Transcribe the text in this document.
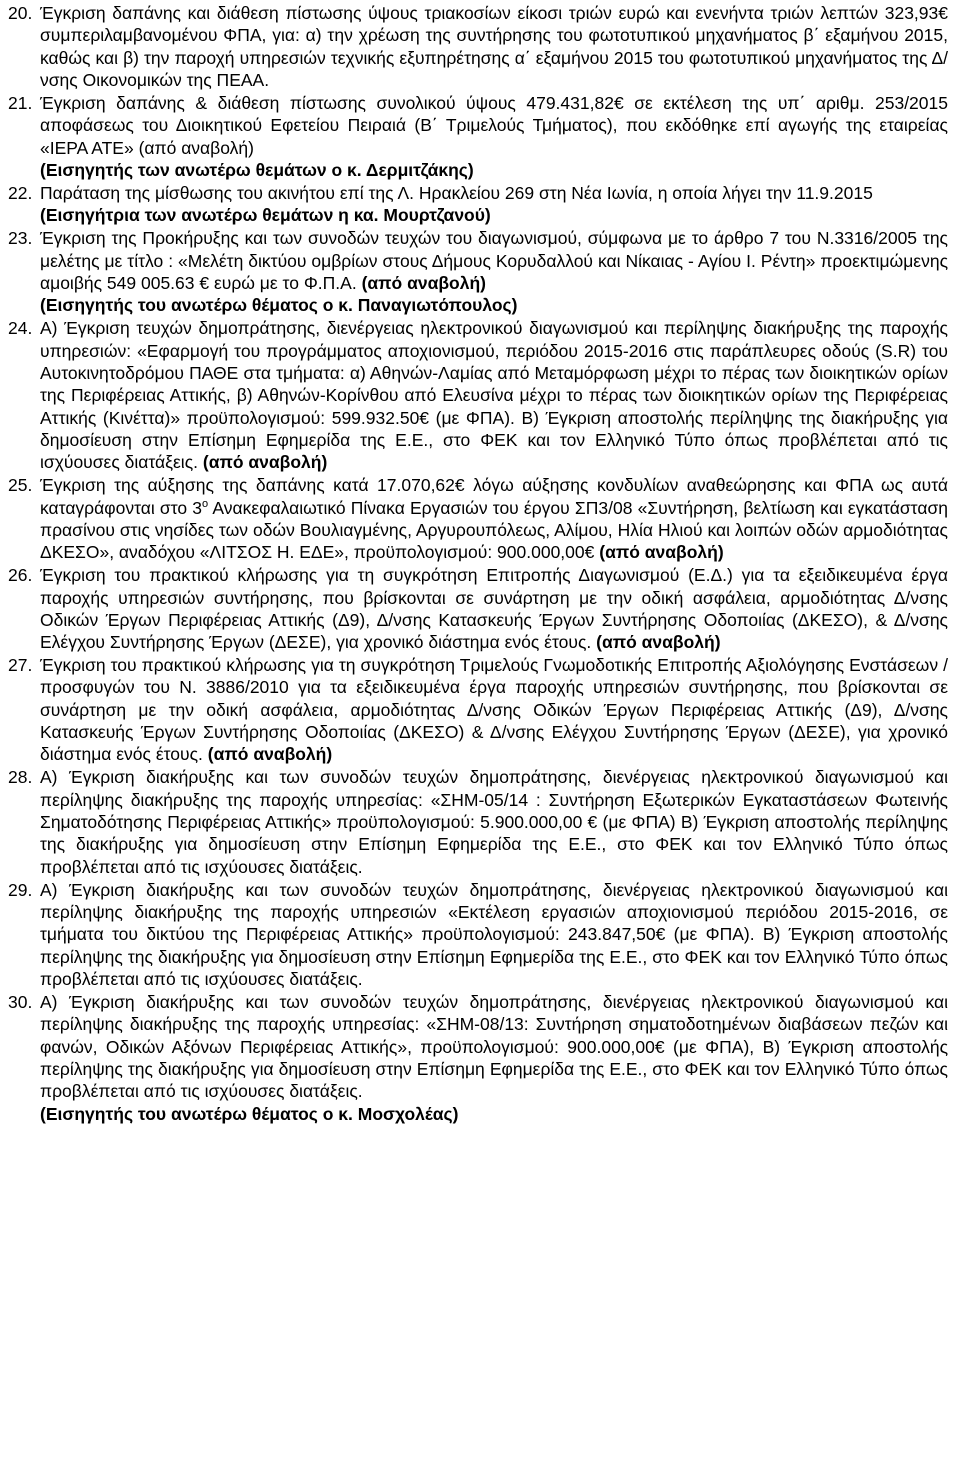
20. Έγκριση δαπάνης και διάθεση πίστωσης ύψους τριακοσίων είκοσι τριών ευρώ και ενενήντα τριών λεπτών 323,93€ συμπεριλαμβανομένου ΦΠΑ, για: α) την χρέωση της συντήρησης του φωτοτυπικού μηχανήματος β΄ εξαμήνου 2015, καθώς και β) την παροχή υπηρεσιών τεχνικής εξυπηρέτησης α΄ εξαμήνου 2015 του φωτοτυπικού μηχανήματος της Δ/νσης Οικονομικών της ΠΕΑΑ.

21. Έγκριση δαπάνης & διάθεση πίστωσης συνολικού ύψους 479.431,82€ σε εκτέλεση της υπ΄ αριθμ. 253/2015 αποφάσεως του Διοικητικού Εφετείου Πειραιά (Β΄ Τριμελούς Τμήματος), που εκδόθηκε επί αγωγής της εταιρείας «ΙΕΡΑ ΑΤΕ» (από αναβολή)

(Εισηγητής των ανωτέρω θεμάτων ο κ. Δερμιτζάκης)

22. Παράταση της μίσθωσης του ακινήτου επί της Λ. Ηρακλείου 269 στη Νέα Ιωνία, η οποία λήγει την 11.9.2015

(Εισηγήτρια των ανωτέρω θεμάτων η κα. Μουρτζανού)

23. Έγκριση της Προκήρυξης και των συνοδών τευχών του διαγωνισμού, σύμφωνα με το άρθρο 7 του Ν.3316/2005 της μελέτης με τίτλο : «Μελέτη δικτύου ομβρίων στους Δήμους Κορυδαλλού και Νίκαιας - Αγίου Ι. Ρέντη» προεκτιμώμενης αμοιβής 549 005.63 € ευρώ με το Φ.Π.Α. (από αναβολή)

(Εισηγητής του ανωτέρω θέματος ο κ. Παναγιωτόπουλος)

24. Α) Έγκριση τευχών δημοπράτησης, διενέργειας ηλεκτρονικού διαγωνισμού και περίληψης διακήρυξης της παροχής υπηρεσιών: «Εφαρμογή του προγράμματος αποχιονισμού, περιόδου 2015-2016 στις παράπλευρες οδούς (S.R) του Αυτοκινητοδρόμου ΠΑΘΕ στα τμήματα: α) Αθηνών-Λαμίας από Μεταμόρφωση μέχρι το πέρας των διοικητικών ορίων της Περιφέρειας Αττικής, β) Αθηνών-Κορίνθου από Ελευσίνα μέχρι το πέρας των διοικητικών ορίων της Περιφέρειας Αττικής (Κινέττα)» προϋπολογισμού: 599.932.50€ (με ΦΠΑ). Β) Έγκριση αποστολής περίληψης της διακήρυξης για δημοσίευση στην Επίσημη Εφημερίδα της Ε.Ε., στο ΦΕΚ και τον Ελληνικό Τύπο όπως προβλέπεται από τις ισχύουσες διατάξεις. (από αναβολή)

25. Έγκριση της αύξησης της δαπάνης κατά 17.070,62€ λόγω αύξησης κονδυλίων αναθεώρησης και ΦΠΑ ως αυτά καταγράφονται στο $3^o$ Ανακεφαλαιωτικό Πίνακα Εργασιών του έργου ΣΠ3/08 «Συντήρηση, βελτίωση και εγκατάσταση πρασίνου στις νησίδες των οδών Βουλιαγμένης, Αργυρουπόλεως, Αλίμου, Ηλία Ηλιού και λοιπών οδών αρμοδιότητας ΔΚΕΣΟ», αναδόχου «ΛΙΤΣΟΣ Η. ΕΔΕ», προϋπολογισμού: 900.000,00€ (από αναβολή)

26. Έγκριση του πρακτικού κλήρωσης για τη συγκρότηση Επιτροπής Διαγωνισμού (Ε.Δ.) για τα εξειδικευμένα έργα παροχής υπηρεσιών συντήρησης, που βρίσκονται σε συνάρτηση με την οδική ασφάλεια, αρμοδιότητας Δ/νσης Οδικών Έργων Περιφέρειας Αττικής (Δ9), Δ/νσης Κατασκευής Έργων Συντήρησης Οδοποιίας (ΔΚΕΣΟ), & Δ/νσης Ελέγχου Συντήρησης Έργων (ΔΕΣΕ), για χρονικό διάστημα ενός έτους. (από αναβολή)

27. Έγκριση του πρακτικού κλήρωσης για τη συγκρότηση Τριμελούς Γνωμοδοτικής Επιτροπής Αξιολόγησης Ενστάσεων /προσφυγών του Ν. 3886/2010 για τα εξειδικευμένα έργα παροχής υπηρεσιών συντήρησης, που βρίσκονται σε συνάρτηση με την οδική ασφάλεια, αρμοδιότητας Δ/νσης Οδικών Έργων Περιφέρειας Αττικής (Δ9), Δ/νσης Κατασκευής Έργων Συντήρησης Οδοποιίας (ΔΚΕΣΟ) & Δ/νσης Ελέγχου Συντήρησης Έργων (ΔΕΣΕ), για χρονικό διάστημα ενός έτους. (από αναβολή)

28. Α) Έγκριση διακήρυξης και των συνοδών τευχών δημοπράτησης, διενέργειας ηλεκτρονικού διαγωνισμού και περίληψης διακήρυξης της παροχής υπηρεσίας: «ΣΗΜ-05/14 : Συντήρηση Εξωτερικών Εγκαταστάσεων Φωτεινής Σηματοδότησης Περιφέρειας Αττικής» προϋπολογισμού: 5.900.000,00 € (με ΦΠΑ) Β) Έγκριση αποστολής περίληψης της διακήρυξης για δημοσίευση στην Επίσημη Εφημερίδα της Ε.Ε., στο ΦΕΚ και τον Ελληνικό Τύπο όπως προβλέπεται από τις ισχύουσες διατάξεις.

29. Α) Έγκριση διακήρυξης και των συνοδών τευχών δημοπράτησης, διενέργειας ηλεκτρονικού διαγωνισμού και περίληψης διακήρυξης της παροχής υπηρεσιών «Εκτέλεση εργασιών αποχιονισμού περιόδου 2015-2016, σε τμήματα του δικτύου της Περιφέρειας Αττικής» προϋπολογισμού: 243.847,50€ (με ΦΠΑ). Β) Έγκριση αποστολής περίληψης της διακήρυξης για δημοσίευση στην Επίσημη Εφημερίδα της Ε.Ε., στο ΦΕΚ και τον Ελληνικό Τύπο όπως προβλέπεται από τις ισχύουσες διατάξεις.

30. Α) Έγκριση διακήρυξης και των συνοδών τευχών δημοπράτησης, διενέργειας ηλεκτρονικού διαγωνισμού και περίληψης διακήρυξης της παροχής υπηρεσίας: «ΣΗΜ-08/13: Συντήρηση σηματοδοτημένων διαβάσεων πεζών και φανών, Οδικών Αξόνων Περιφέρειας Αττικής», προϋπολογισμού: 900.000,00€ (με ΦΠΑ), Β) Έγκριση αποστολής περίληψης της διακήρυξης για δημοσίευση στην Επίσημη Εφημερίδα της Ε.Ε., στο ΦΕΚ και τον Ελληνικό Τύπο όπως προβλέπεται από τις ισχύουσες διατάξεις.

(Εισηγητής του ανωτέρω θέματος ο κ. Μοσχολέας)
